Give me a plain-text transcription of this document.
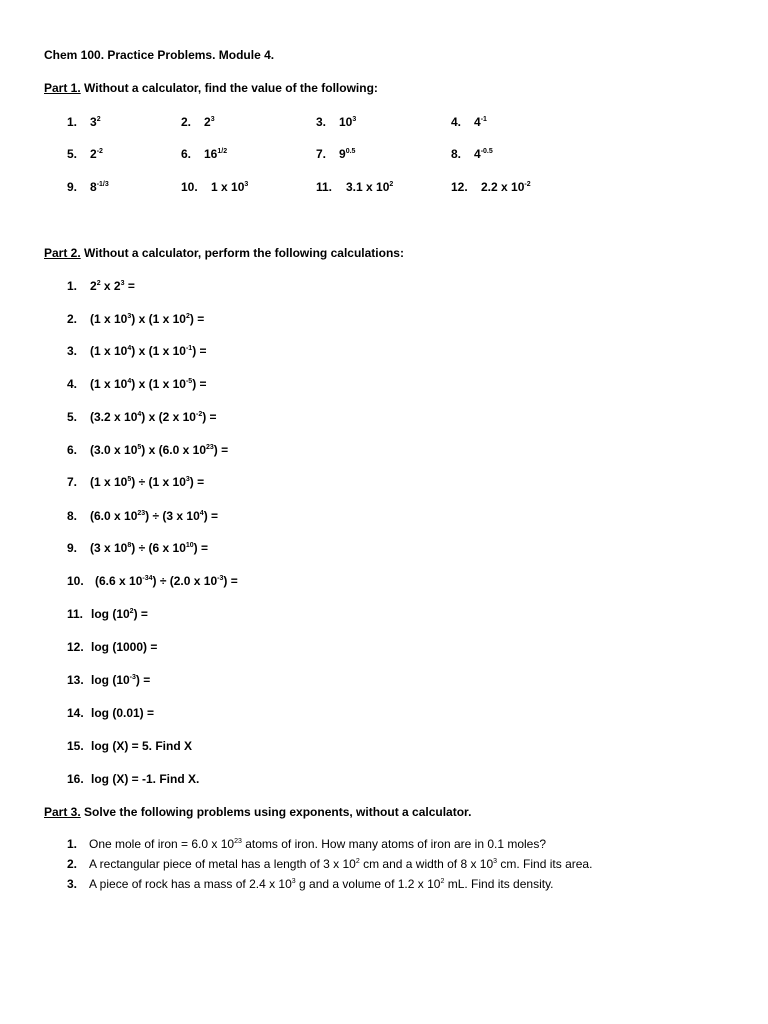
Chem 100. Practice Problems. Module 4.
Part 1. Without a calculator, find the value of the following:
1. $3^2$	2. $2^3$	3. $10^3$	4. $4^{-1}$
5. $2^{-2}$	6. $16^{1/2}$	7. $9^{0.5}$	8. $4^{-0.5}$
9. $8^{-1/3}$	10. 1 x $10^3$	11. 3.1 x $10^2$	12. 2.2 x $10^{-2}$
Part 2. Without a calculator, perform the following calculations:
1. $2^2$ x $2^3$ =
2. (1 x $10^3$) x (1 x $10^2$) =
3. (1 x $10^4$) x (1 x $10^{-1}$) =
4. (1 x $10^4$) x (1 x $10^{-5}$) =
5. (3.2 x $10^4$) x (2 x $10^{-2}$) =
6. (3.0 x $10^5$) x (6.0 x $10^{23}$) =
7. (1 x $10^5) \div (1$ x $10^3$) =
8. (6.0 x $10^{23}) \div (3$ x $10^4$) =
9. (3 x $10^8) \div (6$ x $10^{10}$) =
10. (6.6 x $10^{-34}) \div (2.0$ x $10^{-3}$) =
11. $\log (10^2)$ =
12. log (1000) =
13. $\log (10^{-3})$ =
14. log (0.01) =
15. log (X) = 5. Find X
16. log (X) = -1. Find X.
Part 3. Solve the following problems using exponents, without a calculator.
1. One mole of iron = 6.0 x $10^{23}$ atoms of iron. How many atoms of iron are in 0.1 moles?
2. A rectangular piece of metal has a length of 3 x $10^2$ cm and a width of 8 x $10^3$ cm. Find its area.
3. A piece of rock has a mass of 2.4 x $10^3$ g and a volume of 1.2 x $10^2$ mL. Find its density.
